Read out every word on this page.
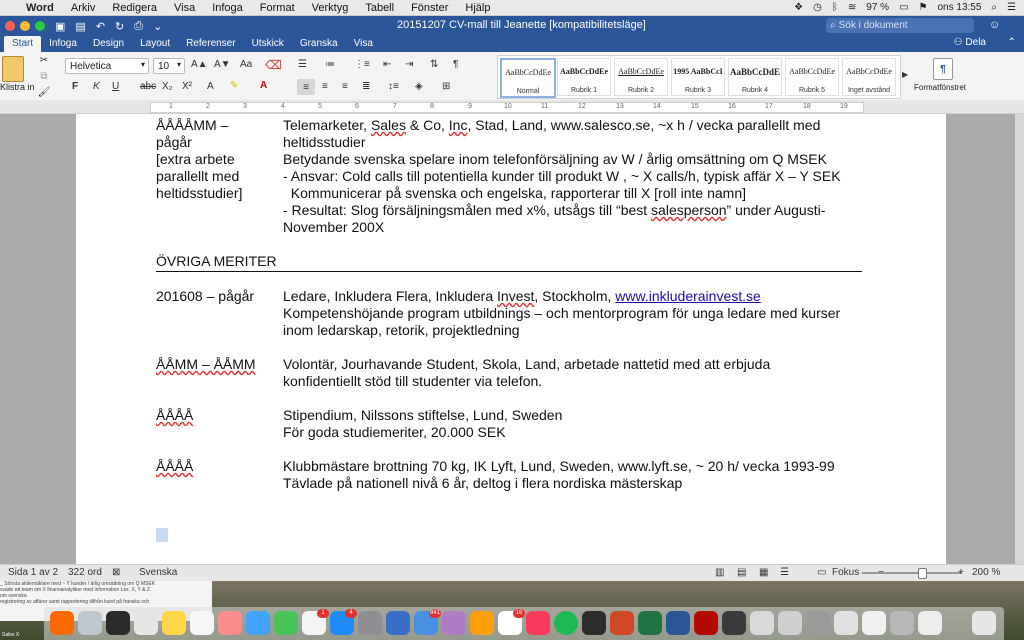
Word Arkiv Redigera Visa Infoga Format Verktyg Tabell Fönster Hjälp	❖ ◷ ᛒ ≋ 97 % ▭ ⚑ ons 13:55 ⌕ ☰
▣ ▤ ↶ ↻ ⎙ ⌄	20151207 CV-mall till Jeanette [kompatibilitetsläge]	⌕ Sök i dokument	☺
Start	Infoga	Design	Layout	Referenser	Utskick	Granska	Visa	⚇ Dela ⌃
Klistra in
✂
⧉
🖌
Helvetica	▾ 10 ▾ A▲ A▼ Aa ⌫
F K U abc X₂ X² A ✎ A
☰ ≔ ⋮≡ ⇤ ⇥ ⇅ ¶
≡	≡ ≡ ≣ ↕≡ ◈ ⊞
AaBbCcDdEe
Normal
AaBbCcDdEe
Rubrik 1
AaBbCcDdEe
Rubrik 2
1995 AaBbCcI
Rubrik 3
AaBbCcDdE
Rubrik 4
AaBbCcDdEe
Rubrik 5
AaBbCcDdEe
Inget avstånd
▶	¶
Formatfönstret
1	2	3	4	5	6	7	8	9	10	11	12	13	14	15	16	17	18	19
ÅÅÅÅMM –
pågår
[extra arbete
parallellt med
heltidsstudier]
Telemarketer, Sales & Co, Inc, Stad, Land, www.salesco.se, ~x h / vecka parallellt med
heltidsstudier
Betydande svenska spelare inom telefonförsäljning av W / årlig omsättning om Q MSEK
- Ansvar: Cold calls till potentiella kunder till produkt W , ~ X calls/h, typisk affär X – Y SEK
Kommunicerar på svenska och engelska, rapporterar till X [roll inte namn]
- Resultat: Slog försäljningsmålen med x%, utsågs till “best salesperson” under Augusti-
November 200X
ÖVRIGA MERITER
201608 – pågår Ledare, Inkludera Flera, Inkludera Invest, Stockholm, www.inkluderainvest.se
Kompetenshöjande program utbildnings – och mentorprogram för unga ledare med kurser
inom ledarskap, retorik, projektledning
ÅÅMM – ÅÅMM Volontär, Jourhavande Student, Skola, Land, arbetade nattetid med att erbjuda
konfidentiellt stöd till studenter via telefon.
ÅÅÅÅ	Stipendium, Nilssons stiftelse, Lund, Sweden
För goda studiemeriter, 20.000 SEK
ÅÅÅÅ	Klubbmästare brottning 70 kg, IK Lyft, Lund, Sweden, www.lyft.se, ~ 20 h/ vecka 1993-99
Tävlade på nationell nivå 6 år, deltog i flera nordiska mästerskap
Sida 1 av 2 322 ord ⊠ Svenska	▥ ▤ ▦ ☰	▭ Fokus	+ 200 %
_ Största aktiemäklare med ~ Y kunder / årlig omsättning om Q MSEK
svade ett team om X finansanalytiker med information t.ex. X, Y & Z.
om svenska
registrering av affärer samt rapportering tillfrån kund på franska och
Sales X
1	4	841	16
